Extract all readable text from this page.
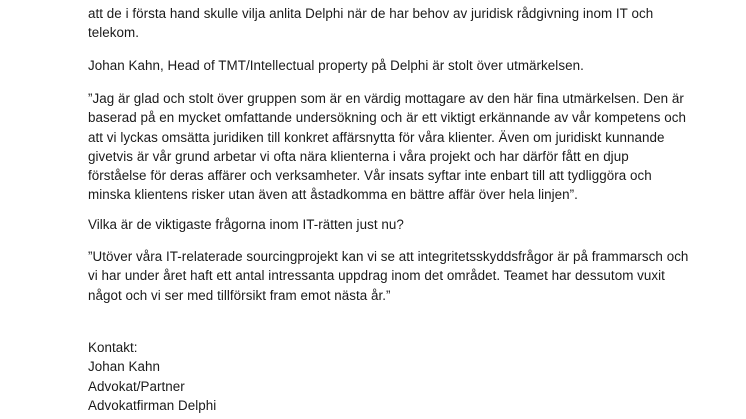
att de i första hand skulle vilja anlita Delphi när de har behov av juridisk rådgivning inom IT och
telekom.

Johan Kahn, Head of TMT/Intellectual property på Delphi är stolt över utmärkelsen.

”Jag är glad och stolt över gruppen som är en värdig mottagare av den här fina utmärkelsen. Den är
baserad på en mycket omfattande undersökning och är ett viktigt erkännande av vår kompetens och
att vi lyckas omsätta juridiken till konkret affärsnytta för våra klienter. Även om juridiskt kunnande
givetvis är vår grund arbetar vi ofta nära klienterna i våra projekt och har därför fått en djup
förståelse för deras affärer och verksamheter. Vår insats syftar inte enbart till att tydliggöra och
minska klientens risker utan även att åstadkomma en bättre affär över hela linjen”.

Vilka är de viktigaste frågorna inom IT-rätten just nu?

”Utöver våra IT-relaterade sourcingprojekt kan vi se att integritetsskyddsfrågor är på frammarsch och
vi har under året haft ett antal intressanta uppdrag inom det området. Teamet har dessutom vuxit
något och vi ser med tillförsikt fram emot nästa år.”

Kontakt:
Johan Kahn
Advokat/Partner
Advokatfirman Delphi
